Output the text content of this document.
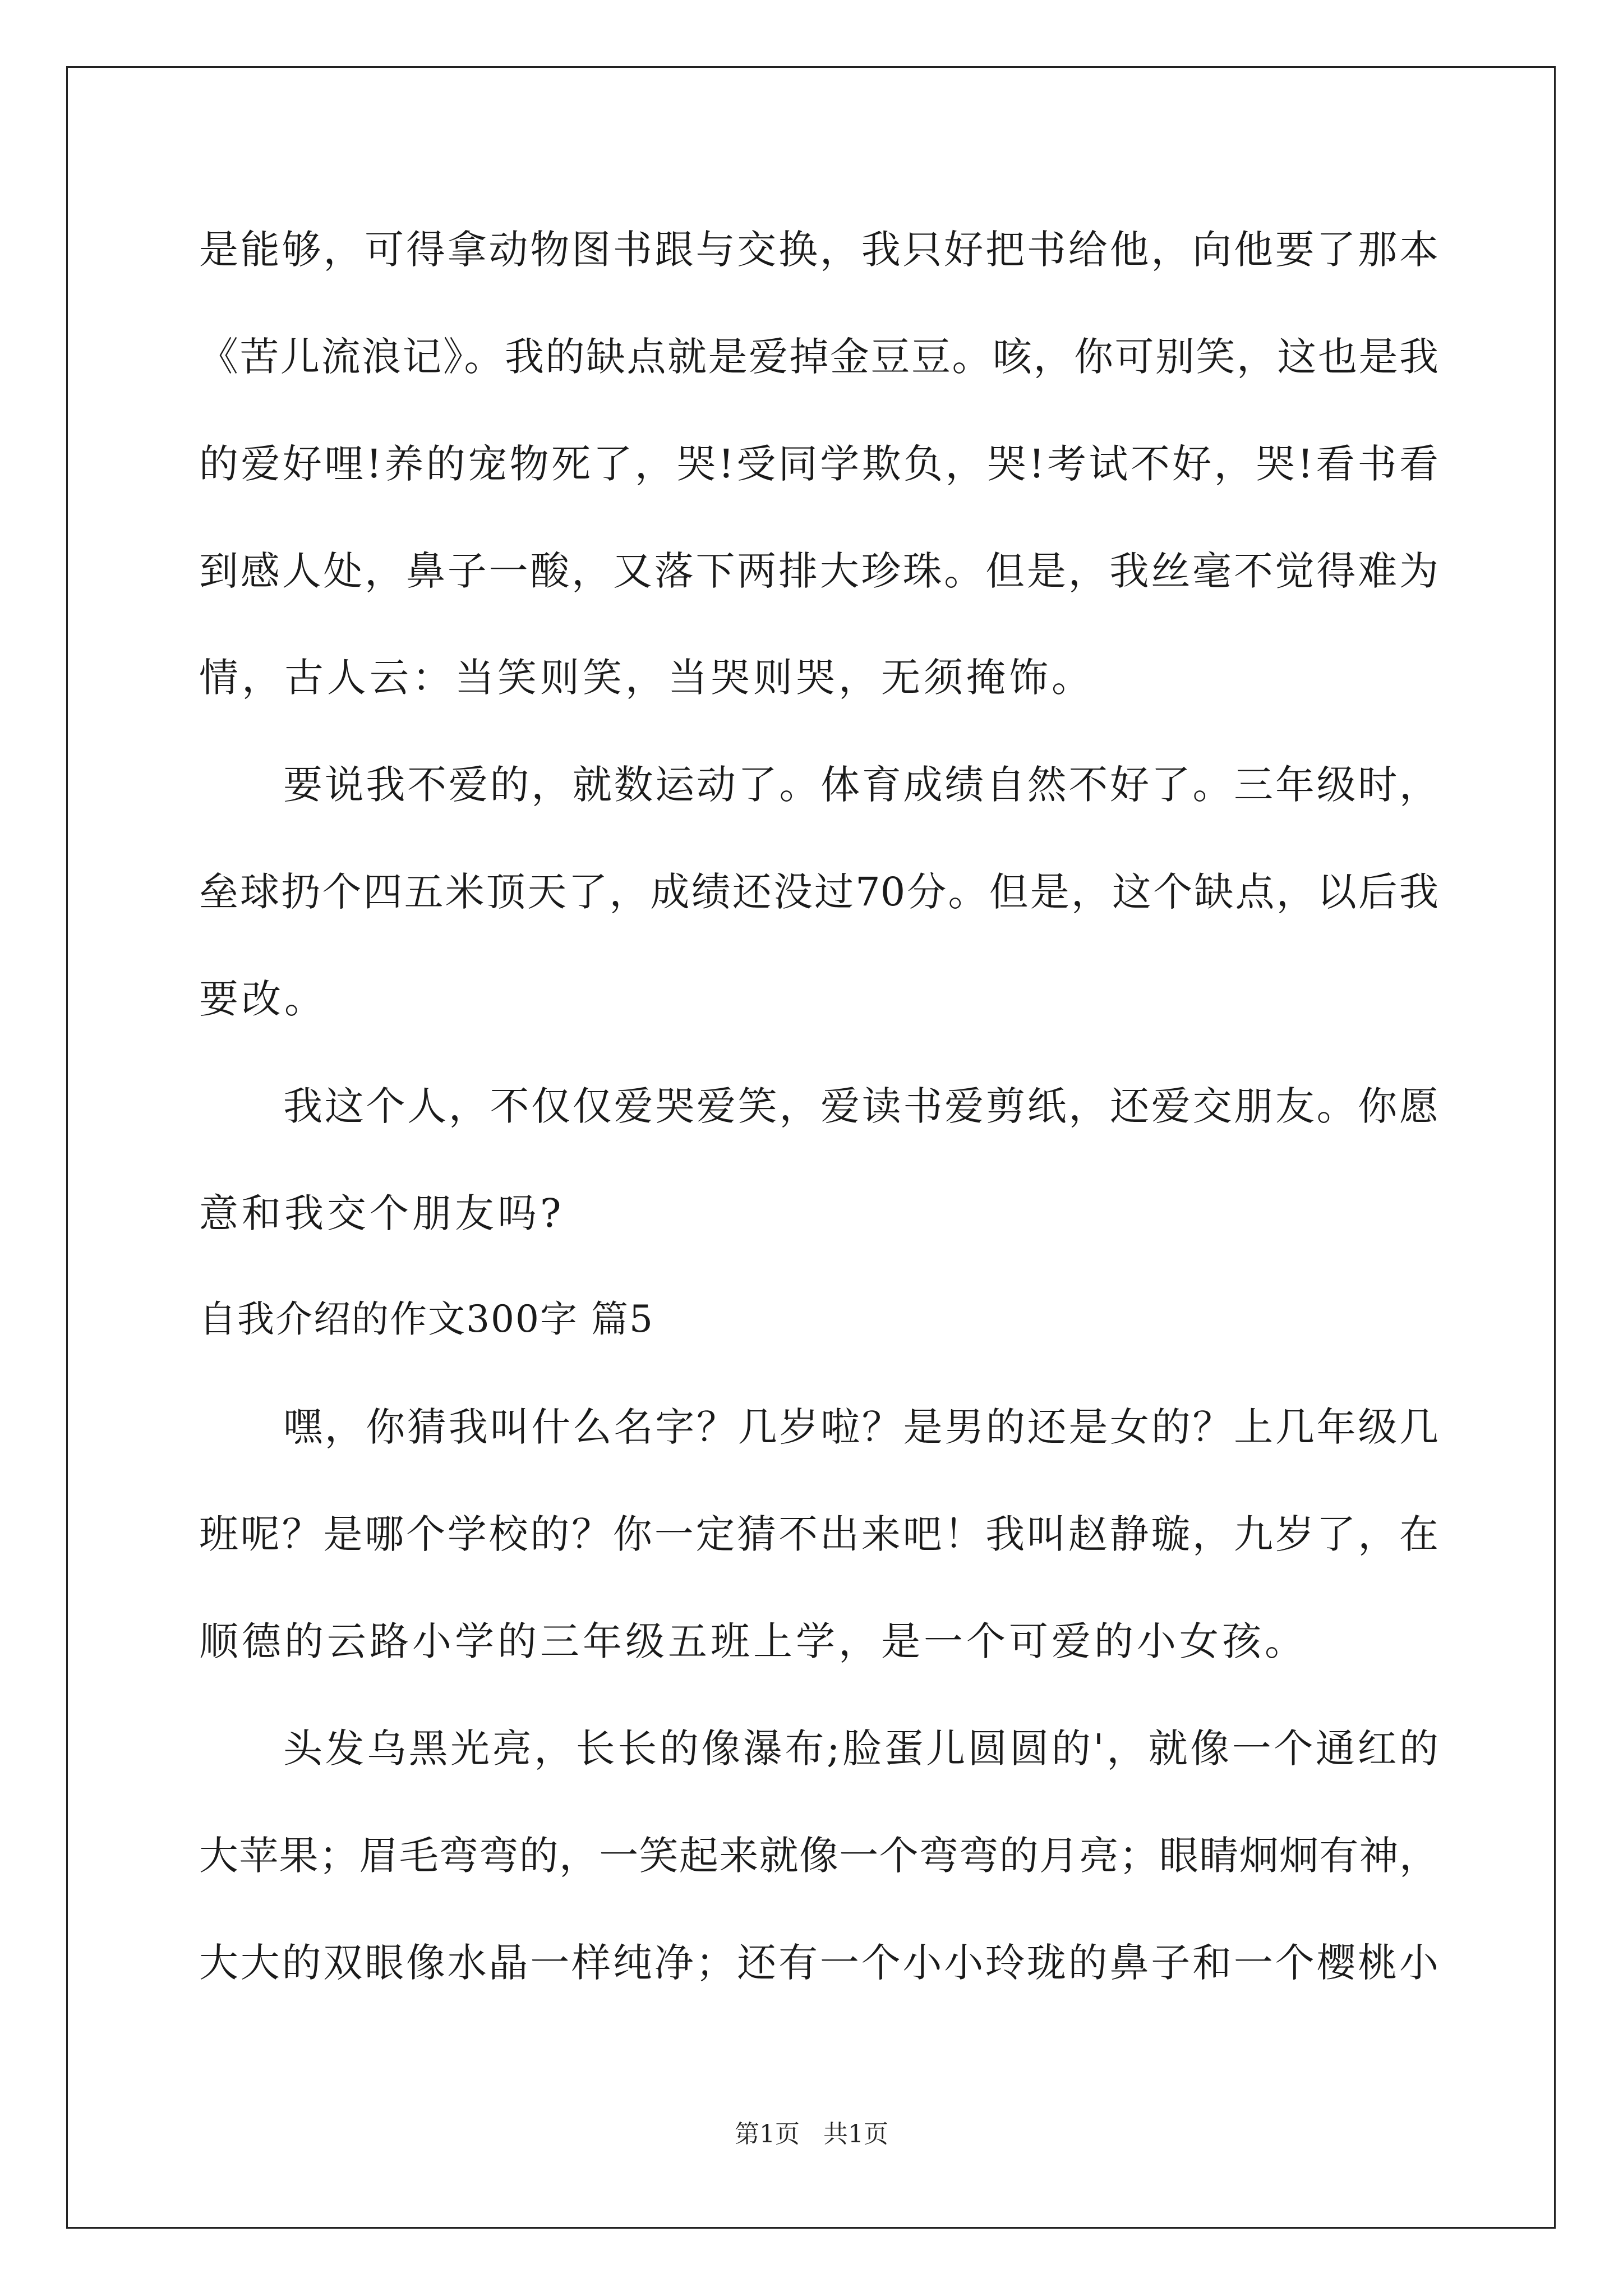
是能够，可得拿动物图书跟与交换，我只好把书给他，向他要了那本
《苦儿流浪记》。我的缺点就是爱掉金豆豆。咳，你可别笑，这也是我
的爱好哩!养的宠物死了，哭!受同学欺负，哭!考试不好，哭!看书看
到感人处，鼻子一酸，又落下两排大珍珠。但是，我丝毫不觉得难为
情，古人云：当笑则笑，当哭则哭，无须掩饰。
要说我不爱的，就数运动了。体育成绩自然不好了。三年级时，
垒球扔个四五米顶天了，成绩还没过70分。但是，这个缺点，以后我
要改。
我这个人，不仅仅爱哭爱笑，爱读书爱剪纸，还爱交朋友。你愿
意和我交个朋友吗?
自我介绍的作文300字 篇5
嘿，你猜我叫什么名字？几岁啦？是男的还是女的？上几年级几
班呢？是哪个学校的？你一定猜不出来吧！我叫赵静璇，九岁了，在
顺德的云路小学的三年级五班上学，是一个可爱的小女孩。
头发乌黑光亮，长长的像瀑布;脸蛋儿圆圆的'，就像一个通红的
大苹果；眉毛弯弯的，一笑起来就像一个弯弯的月亮；眼睛炯炯有神，
大大的双眼像水晶一样纯净；还有一个小小玲珑的鼻子和一个樱桃小
第1页 共1页
